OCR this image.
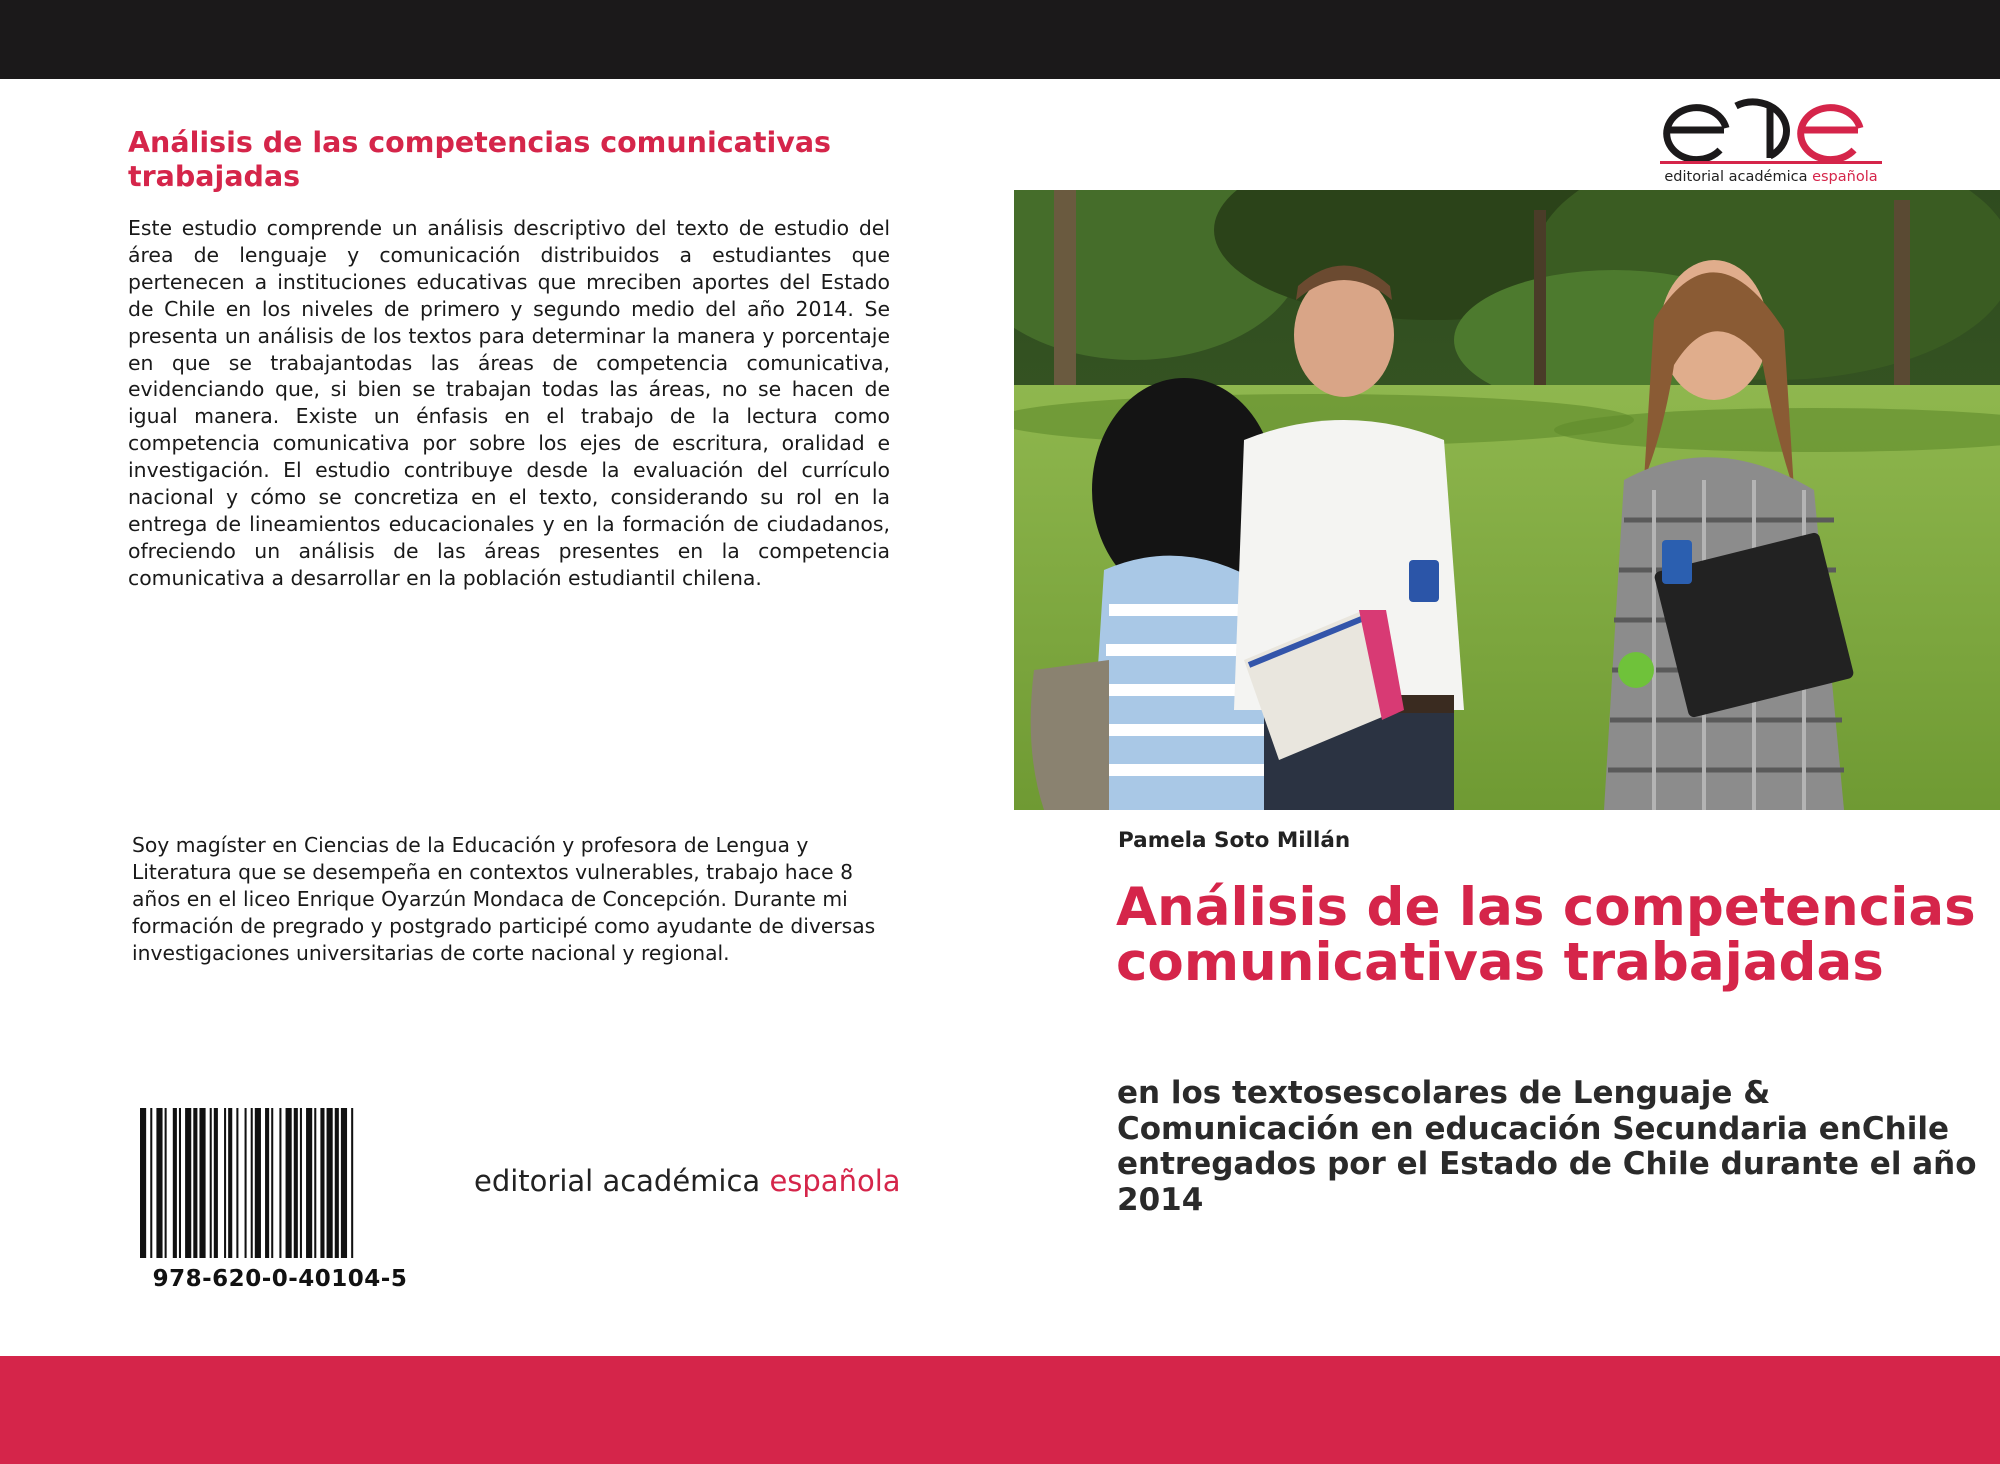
Análisis de las competencias comunicativas trabajadas

Este estudio comprende un análisis descriptivo del texto de estudio del área de lenguaje y comunicación distribuidos a estudiantes que pertenecen a instituciones educativas que mreciben aportes del Estado de Chile en los niveles de primero y segundo medio del año 2014. Se presenta un análisis de los textos para determinar la manera y porcentaje en que se trabajantodas las áreas de competencia comunicativa, evidenciando que, si bien se trabajan todas las áreas, no se hacen de igual manera. Existe un énfasis en el trabajo de la lectura como competencia comunicativa por sobre los ejes de escritura, oralidad e investigación. El estudio contribuye desde la evaluación del currículo nacional y cómo se concretiza en el texto, considerando su rol en la entrega de lineamientos educacionales y en la formación de ciudadanos, ofreciendo un análisis de las áreas presentes en la competencia comunicativa a desarrollar en la población estudiantil chilena.

Soy magíster en Ciencias de la Educación y profesora de Lengua y Literatura que se desempeña en contextos vulnerables, trabajo hace 8 años en el liceo Enrique Oyarzún Mondaca de Concepción. Durante mi formación de pregrado y postgrado participé como ayudante de diversas investigaciones universitarias de corte nacional y regional.

978-620-0-40104-5
editorial académica española
editorial académica española
Pamela Soto Millán
Análisis de las competencias comunicativas trabajadas
en los textosescolares de Lenguaje & Comunicación en educación Secundaria enChile entregados por el Estado de Chile durante el año 2014
